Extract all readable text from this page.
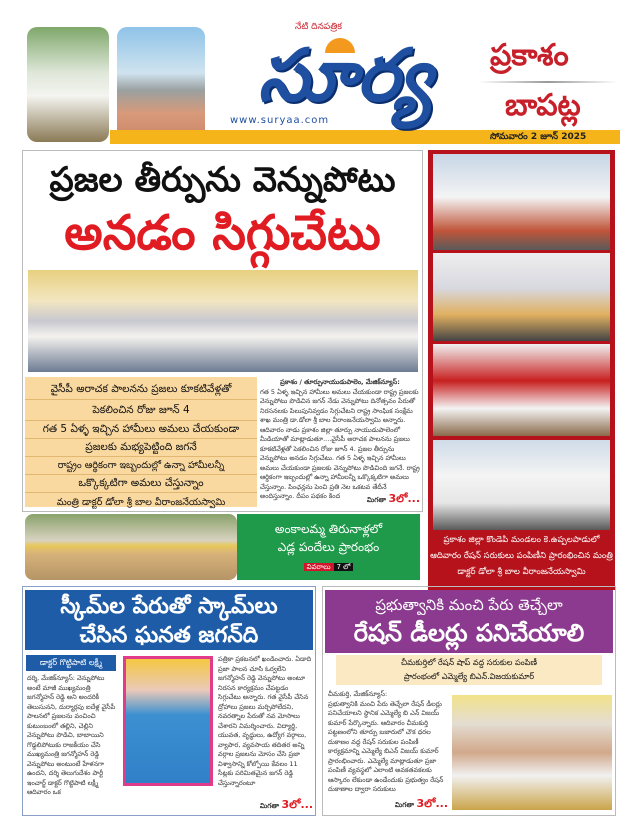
నేటి దినపత్రిక
సూర్య
www.suryaa.com
ప్రకాశం
బాపట్ల
సోమవారం 2 జూన్ 2025
ప్రజల తీర్పును వెన్నుపోటు
అనడం సిగ్గుచేటు
వైసీపీ అరాచక పాలనను ప్రజలు కూకటివేళ్లతో
పెకలించిన రోజు జూన్ 4
గత 5 ఏళ్ళ ఇచ్చిన హామీలు అమలు చేయకుండా
ప్రజలకు మభ్యపెట్టింది జగనే
రాష్ట్రం ఆర్థికంగా ఇబ్బందుల్లో ఉన్నా హామీలన్నీ
ఒక్కొక్కటిగా అమలు చేస్తున్నాం
మంత్రి డాక్టర్ డోలా శ్రీ బాల వీరాంజనేయస్వామి
ప్రకాశం / తూర్పునాయుడుపాలెం, మేజిక్‌న్యూస్:
గత 5 ఏళ్ళ ఇచ్చిన హామీలు అమలు చేయకుండా రాష్ట్ర ప్రజలకు వెన్నుపోటు పొడిచిన జగన్ నేడు వెన్నుపోటు దినోత్సవం పేరుతో నిరసనలకు పిలుపునివ్వడం సిగ్గుచేటని రాష్ట్ర సాంఘిక సంక్షేమ శాఖ మంత్రి డా.డోలా శ్రీ బాల వీరాంజనేయస్వామి అన్నారు. ఆదివారం నాడు ప్రకాశం జిల్లా తూర్పు నాయుడుపాలెంలో మీడియాతో మాట్లాడుతూ....వైసీపీ అరాచక పాలనను ప్రజలు కూకటివేళ్లతో పెకలించిన రోజు జూన్ 4. ప్రజల తీర్పును వెన్నుపోటు అనడం సిగ్గుచేటు. గత 5 ఏళ్ళ ఇచ్చిన హామీలు అమలు చేయకుండా ప్రజలకు వెన్నుపోటు పొడిచింది జగనే. రాష్ట్ర ఆర్థికంగా ఇబ్బందుల్లో ఉన్నా హామీలన్నీ ఒక్కొక్కటిగా అమలు చేస్తున్నాం. పింఛన్లను పెంచి ప్రతి నెల ఒకటవ తేదీనే అందిస్తున్నాం. దీపం పథకం కింద	మిగతా 3లో...
ప్రకాశం జిల్లా కొండెపి మండలం కె.ఉప్పలపాడులో ఆదివారం రేషన్ సరుకులు పంపిణీని ప్రారంభించిన మంత్రి డాక్టర్ డోలా శ్రీ బాల వీరాంజనేయస్వామి
అంకాలమ్మ తిరునాళ్లలో
ఎడ్ల పందేలు ప్రారంభం
వివరాలు 7 లో
స్కీమ్‌ల పేరుతో స్కామ్‌లు
చేసిన ఘనత జగన్‌ది
డాక్టర్ గొట్టిపాటి లక్ష్మీ
దర్శి, మేజిక్‌న్యూస్: వెన్నుపోటు అంటే మాజీ ముఖ్యమంత్రి జగన్మోహన్ రెడ్డి అని అందరికీ తెలుసునని, దుర్మార్గపు ఐదేళ్ల వైసీపీ పాలనలో ప్రజలను వంచించి కుటుంబంలో తల్లిని, చెల్లిని వెన్నుపోటు పొడిచి, బాబాయిని గొడ్డలిపోటుకు రాజకీయం చేసి ముఖ్యమంత్రి జగన్మోహన్ రెడ్డి వెన్నుపోటు అంటుంటే హేళనగా ఉందని, దర్శి తెలుగుదేశం పార్టీ ఇంచార్జ్ డాక్టర్ గొట్టిపాటి లక్ష్మీ ఆదివారం ఒక
పత్రికా ప్రకటనలో ఖండించారు. ఏడాది ప్రజా పాలన చూసి ఓర్వలేని జగన్మోహన్ రెడ్డి వెన్నుపోటు అంటూ నిరసన కార్యక్రమం చేపట్టడం సిగ్గుచేటు అన్నారు. గత వైసీపీ చేసిన ద్రోహాలు ప్రజలు మర్చిపోలేదని, నవరత్నాల పేరుతో నవ మోసాలు చేశారని విమర్శించారు. విద్యార్థి, యువత, వృద్ధులు, ఉద్యోగ వర్గాలు, వ్యాపార, వ్యవసాయ తదితర అన్ని వర్గాల ప్రజలను మోసం చేసి ప్రజా విశ్వాసాన్ని కోల్పోయి కేవలం 11 సీట్లకు పరిమితమైన జగన్ రెడ్డి చేస్తున్నారంటూ
మిగతా 3లో...
ప్రభుత్వానికి మంచి పేరు తెచ్చేలా
రేషన్ డీలర్లు పనిచేయాలి
చీమకుర్తిలో రేషన్ షాప్ వద్ద సరుకుల పంపిణీ
ప్రారంభంలో ఎమ్మెల్యే బిఎన్.విజయకుమార్
చీమకుర్తి, మేజిక్‌న్యూస్:
ప్రభుత్వానికి మంచి పేరు తెచ్చేలా రేషన్ డీలర్లు పనిచేయాలని స్థానిక ఎమ్మెల్యే బి ఎన్ విజయ్ కుమార్ పేర్కొన్నారు. ఆదివారం చీమకుర్తి పట్టణంలోని తూర్పు బజారులో చౌక ధరల దుకాణం వద్ద రేషన్ సరుకుల పంపిణీ కార్యక్రమాన్ని ఎమ్మెల్యే బిఎన్ విజయ్ కుమార్ ప్రారంభించారు. ఎమ్మెల్యే మాట్లాడుతూ ప్రజా పంపిణీ వ్యవస్థలో ఎలాంటి అవకతవకలకు ఆస్కారం లేకుండా ఉండేందుకు ప్రభుత్వం రేషన్ దుకాణాల ద్వారా సరుకులు
మిగతా 3లో...
